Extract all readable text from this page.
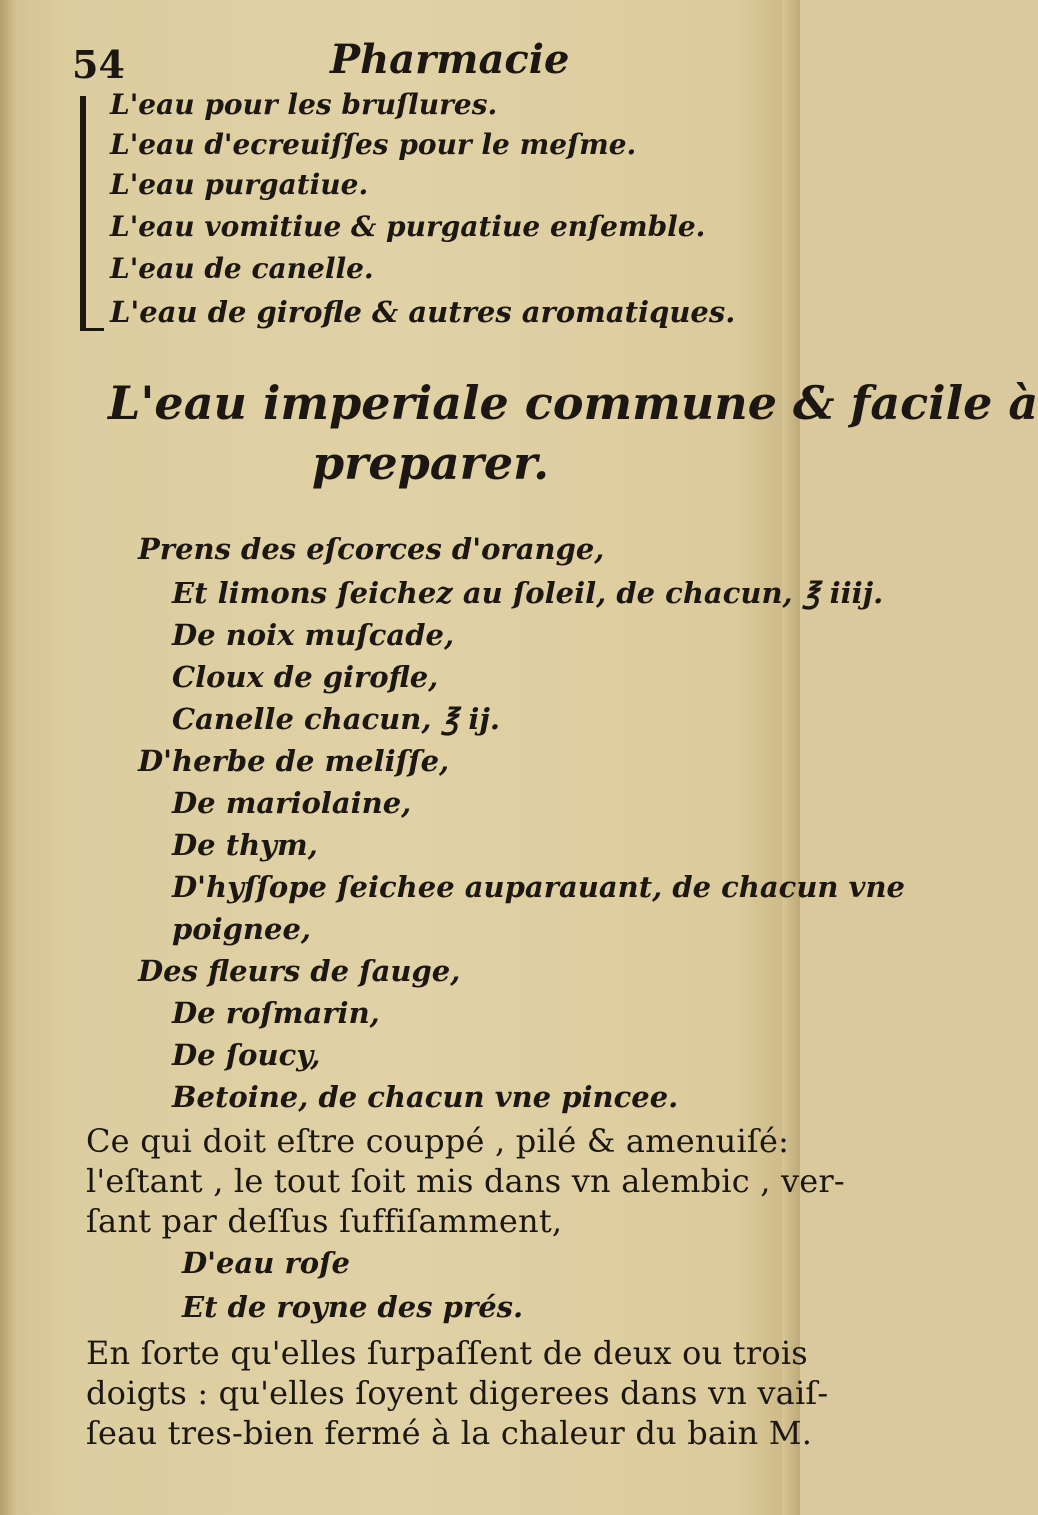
54	Pharmacie
L'eau pour les bruſlures.
L'eau d'ecreuiſſes pour le meſme.
L'eau purgatiue.
L'eau vomitiue & purgatiue enſemble.
L'eau de canelle.
L'eau de girofle & autres aromatiques.
L'eau imperiale commune & facile à
preparer.
Prens des eſcorces d'orange,
Et limons ſeichez au ſoleil, de chacun, ℥ iiij.
De noix muſcade,
Cloux de girofle,
Canelle chacun, ℥ ij.
D'herbe de meliſſe,
De mariolaine,
De thym,
D'hyſſope ſeichee auparauant, de chacun vne
poignee,
Des fleurs de ſauge,
De roſmarin,
De ſoucy,
Betoine, de chacun vne pincee.
Ce qui doit eſtre couppé , pilé & amenuiſé:
l'eſtant , le tout ſoit mis dans vn alembic , ver-
ſant par deſſus ſuffiſamment,
D'eau roſe
Et de royne des prés.
En ſorte qu'elles ſurpaſſent de deux ou trois
doigts : qu'elles ſoyent digerees dans vn vaiſ-
ſeau tres-bien fermé à la chaleur du bain M.
